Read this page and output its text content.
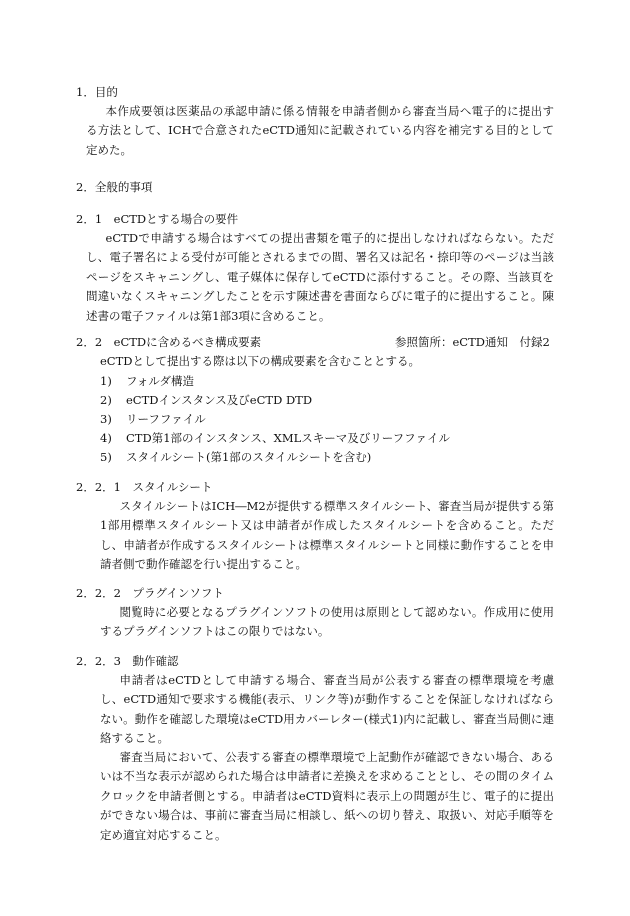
1．目的
本作成要領は医薬品の承認申請に係る情報を申請者側から審査当局へ電子的に提出する方法として、ICHで合意されたeCTD通知に記載されている内容を補完する目的として定めた。
2．全般的事項
2．1　eCTDとする場合の要件
eCTDで申請する場合はすべての提出書類を電子的に提出しなければならない。ただし、電子署名による受付が可能とされるまでの間、署名又は記名・捺印等のページは当該ページをスキャニングし、電子媒体に保存してeCTDに添付すること。その際、当該頁を間違いなくスキャニングしたことを示す陳述書を書面ならびに電子的に提出すること。陳述書の電子ファイルは第1部3項に含めること。
2．2　eCTDに含めるべき構成要素	参照箇所：eCTD通知　付録2
eCTDとして提出する際は以下の構成要素を含むこととする。
1) フォルダ構造
2) eCTDインスタンス及びeCTD DTD
3) リーフファイル
4) CTD第1部のインスタンス、XMLスキーマ及びリーフファイル
5) スタイルシート(第1部のスタイルシートを含む)
2．2．1　スタイルシート
スタイルシートはICH―M2が提供する標準スタイルシート、審査当局が提供する第1部用標準スタイルシート又は申請者が作成したスタイルシートを含めること。ただし、申請者が作成するスタイルシートは標準スタイルシートと同様に動作することを申請者側で動作確認を行い提出すること。
2．2．2　プラグインソフト
閲覧時に必要となるプラグインソフトの使用は原則として認めない。作成用に使用するプラグインソフトはこの限りではない。
2．2．3　動作確認
申請者はeCTDとして申請する場合、審査当局が公表する審査の標準環境を考慮し、eCTD通知で要求する機能(表示、リンク等)が動作することを保証しなければならない。動作を確認した環境はeCTD用カバーレター(様式1)内に記載し、審査当局側に連絡すること。
審査当局において、公表する審査の標準環境で上記動作が確認できない場合、あるいは不当な表示が認められた場合は申請者に差換えを求めることとし、その間のタイムクロックを申請者側とする。申請者はeCTD資料に表示上の問題が生じ、電子的に提出ができない場合は、事前に審査当局に相談し、紙への切り替え、取扱い、対応手順等を定め適宜対応すること。
